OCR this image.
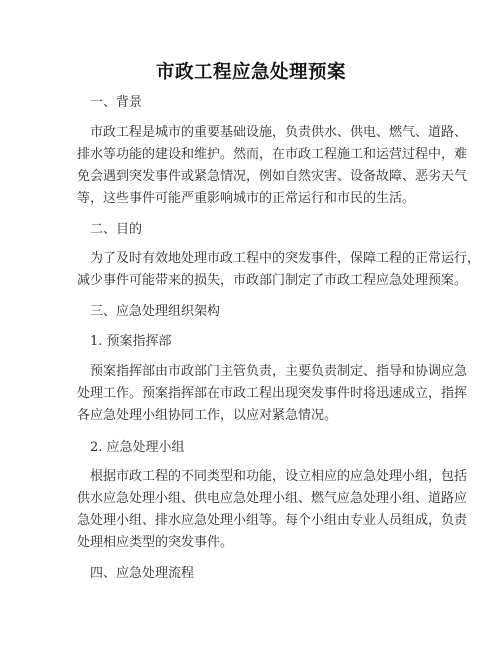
市政工程应急处理预案
一、背景
市政工程是城市的重要基础设施，负责供水、供电、燃气、道路、
排水等功能的建设和维护。然而，在市政工程施工和运营过程中，难
免会遇到突发事件或紧急情况，例如自然灾害、设备故障、恶劣天气
等，这些事件可能严重影响城市的正常运行和市民的生活。
二、目的
为了及时有效地处理市政工程中的突发事件，保障工程的正常运行，
减少事件可能带来的损失，市政部门制定了市政工程应急处理预案。
三、应急处理组织架构
1. 预案指挥部
预案指挥部由市政部门主管负责，主要负责制定、指导和协调应急
处理工作。预案指挥部在市政工程出现突发事件时将迅速成立，指挥
各应急处理小组协同工作，以应对紧急情况。
2. 应急处理小组
根据市政工程的不同类型和功能，设立相应的应急处理小组，包括
供水应急处理小组、供电应急处理小组、燃气应急处理小组、道路应
急处理小组、排水应急处理小组等。每个小组由专业人员组成，负责
处理相应类型的突发事件。
四、应急处理流程
